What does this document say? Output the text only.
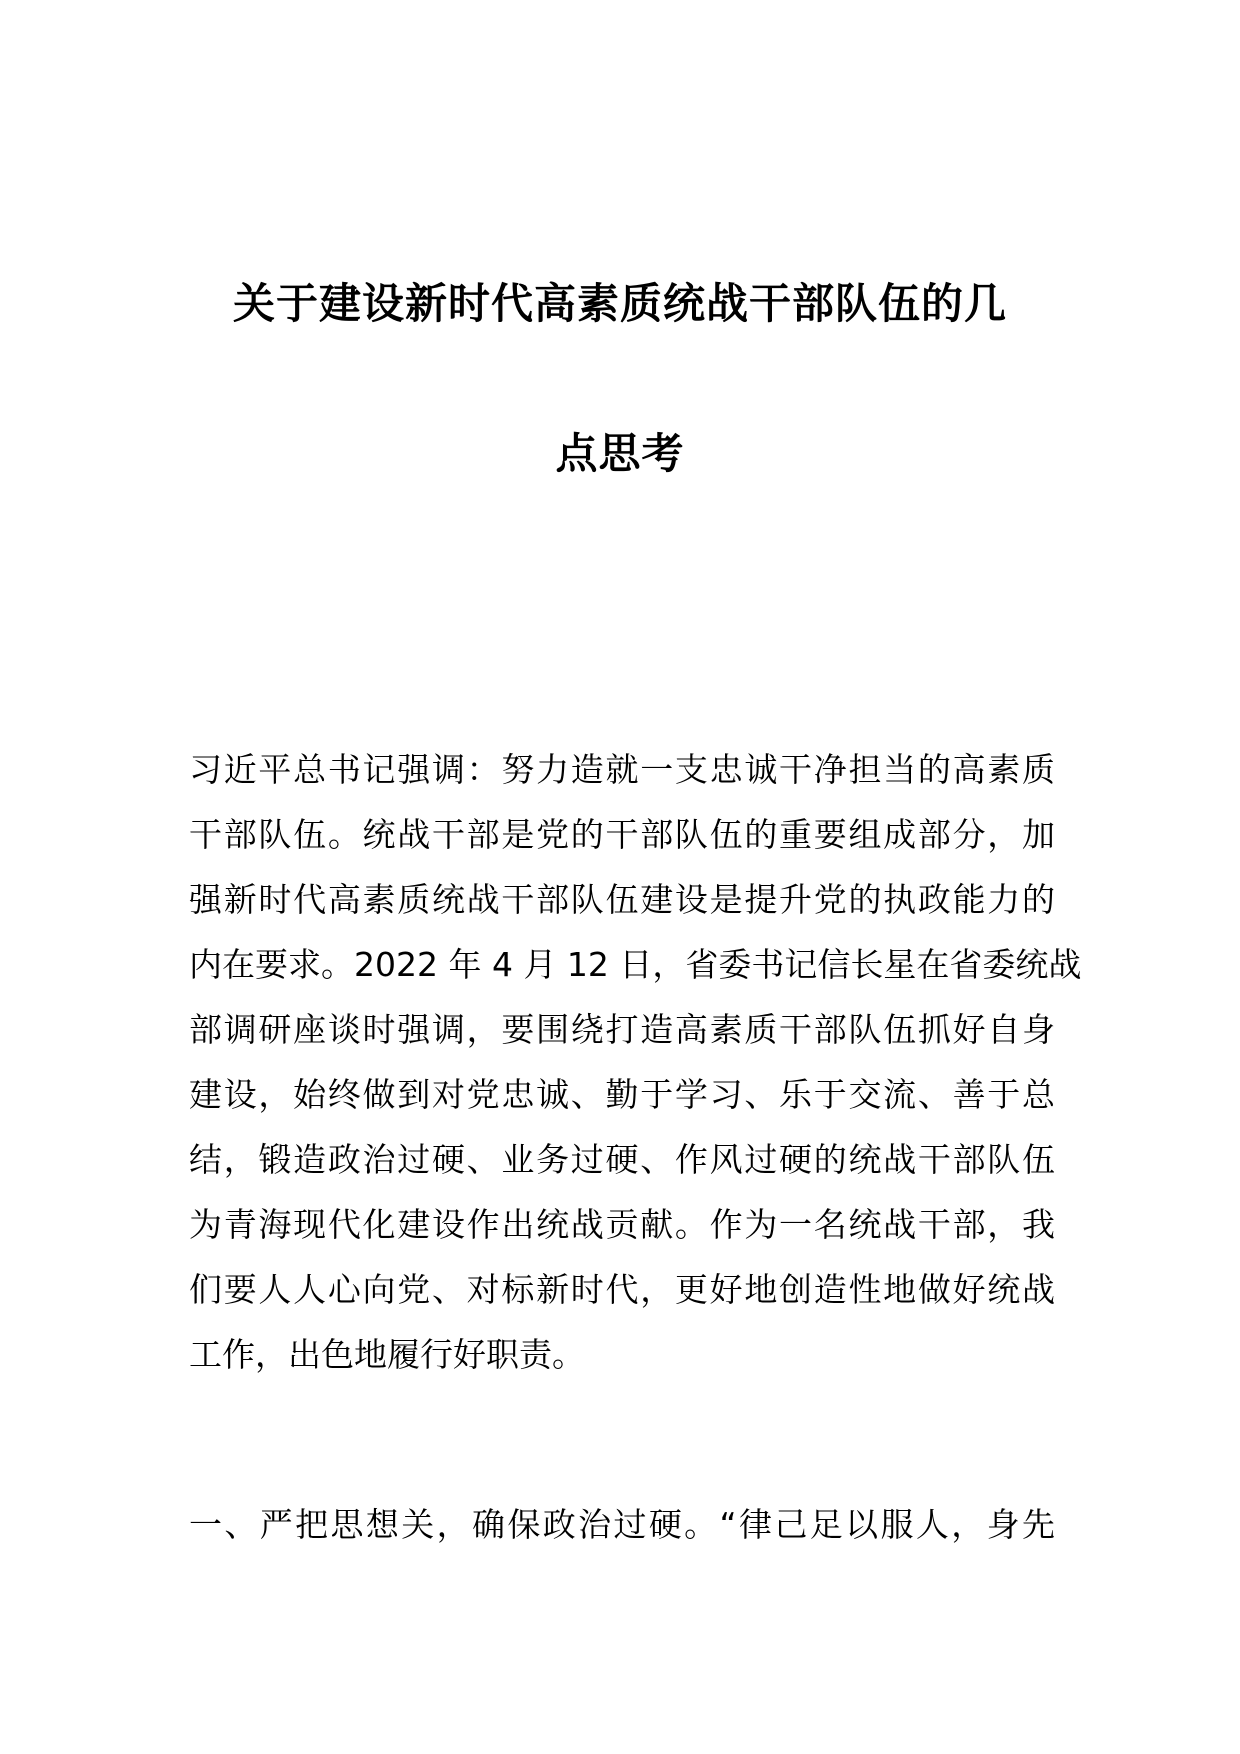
关于建设新时代高素质统战干部队伍的几
点思考
习近平总书记强调：努力造就一支忠诚干净担当的高素质
干部队伍。统战干部是党的干部队伍的重要组成部分，加
强新时代高素质统战干部队伍建设是提升党的执政能力的
内在要求。2022 年 4 月 12 日，省委书记信长星在省委统战
部调研座谈时强调，要围绕打造高素质干部队伍抓好自身
建设，始终做到对党忠诚、勤于学习、乐于交流、善于总
结，锻造政治过硬、业务过硬、作风过硬的统战干部队伍
为青海现代化建设作出统战贡献。作为一名统战干部，我
们要人人心向党、对标新时代，更好地创造性地做好统战
工作，出色地履行好职责。
一、严把思想关，确保政治过硬。“律己足以服人，身先
